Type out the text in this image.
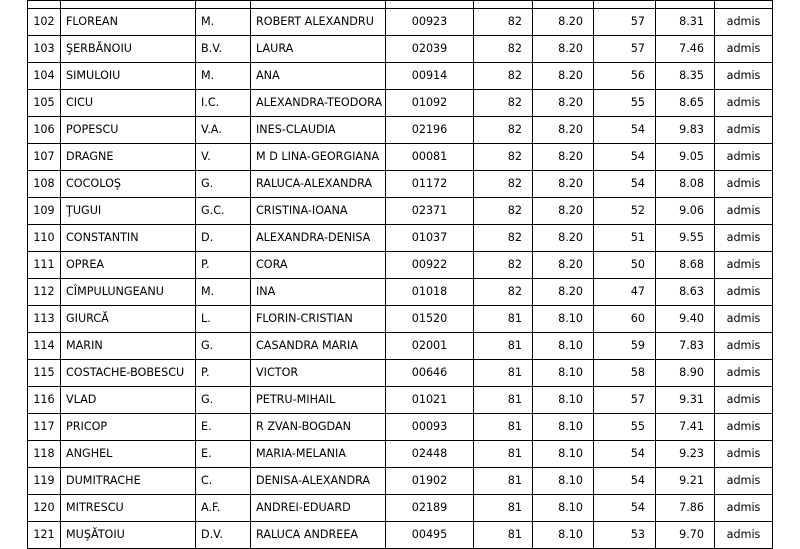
102	FLOREAN	M.	ROBERT ALEXANDRU	00923	82	8.20	57	8.31	admis
103	ŞERBĂNOIU	B.V.	LAURA	02039	82	8.20	57	7.46	admis
104	SIMULOIU	M.	ANA	00914	82	8.20	56	8.35	admis
105	CICU	I.C.	ALEXANDRA-TEODORA	01092	82	8.20	55	8.65	admis
106	POPESCU	V.A.	INES-CLAUDIA	02196	82	8.20	54	9.83	admis
107	DRAGNE	V.	M D LINA-GEORGIANA	00081	82	8.20	54	9.05	admis
108	COCOLOŞ	G.	RALUCA-ALEXANDRA	01172	82	8.20	54	8.08	admis
109	ŢUGUI	G.C.	CRISTINA-IOANA	02371	82	8.20	52	9.06	admis
110	CONSTANTIN	D.	ALEXANDRA-DENISA	01037	82	8.20	51	9.55	admis
111	OPREA	P.	CORA	00922	82	8.20	50	8.68	admis
112	CÎMPULUNGEANU	M.	INA	01018	82	8.20	47	8.63	admis
113	GIURCĂ	L.	FLORIN-CRISTIAN	01520	81	8.10	60	9.40	admis
114	MARIN	G.	CASANDRA MARIA	02001	81	8.10	59	7.83	admis
115	COSTACHE-BOBESCU	P.	VICTOR	00646	81	8.10	58	8.90	admis
116	VLAD	G.	PETRU-MIHAIL	01021	81	8.10	57	9.31	admis
117	PRICOP	E.	R ZVAN-BOGDAN	00093	81	8.10	55	7.41	admis
118	ANGHEL	E.	MARIA-MELANIA	02448	81	8.10	54	9.23	admis
119	DUMITRACHE	C.	DENISA-ALEXANDRA	01902	81	8.10	54	9.21	admis
120	MITRESCU	A.F.	ANDREI-EDUARD	02189	81	8.10	54	7.86	admis
121	MUŞĂTOIU	D.V.	RALUCA ANDREEA	00495	81	8.10	53	9.70	admis
